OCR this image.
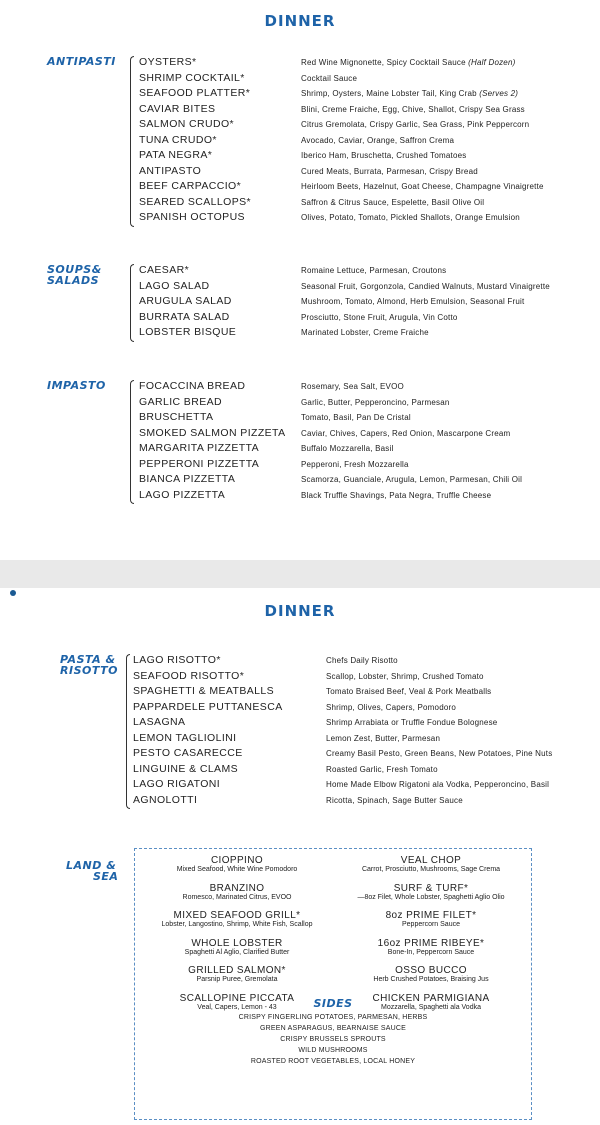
DINNER
ANTIPASTI OYSTERS*	Red Wine Mignonette, Spicy Cocktail Sauce (Half Dozen)
SHRIMP COCKTAIL*	Cocktail Sauce
SEAFOOD PLATTER*	Shrimp, Oysters, Maine Lobster Tail, King Crab (Serves 2)
CAVIAR BITES	Blini, Creme Fraiche, Egg, Chive, Shallot, Crispy Sea Grass
SALMON CRUDO*	Citrus Gremolata, Crispy Garlic, Sea Grass, Pink Peppercorn
TUNA CRUDO*	Avocado, Caviar, Orange, Saffron Crema
PATA NEGRA*	Iberico Ham, Bruschetta, Crushed Tomatoes
ANTIPASTO	Cured Meats, Burrata, Parmesan, Crispy Bread
BEEF CARPACCIO*	Heirloom Beets, Hazelnut, Goat Cheese, Champagne Vinaigrette
SEARED SCALLOPS*	Saffron & Citrus Sauce, Espelette, Basil Olive Oil
SPANISH OCTOPUS	Olives, Potato, Tomato, Pickled Shallots, Orange Emulsion
SOUPS&
SALADS
CAESAR*	Romaine Lettuce, Parmesan, Croutons
LAGO SALAD	Seasonal Fruit, Gorgonzola, Candied Walnuts, Mustard Vinaigrette
ARUGULA SALAD	Mushroom, Tomato, Almond, Herb Emulsion, Seasonal Fruit
BURRATA SALAD	Prosciutto, Stone Fruit, Arugula, Vin Cotto
LOBSTER BISQUE	Marinated Lobster, Creme Fraiche
IMPASTO	FOCACCINA BREAD	Rosemary, Sea Salt, EVOO
GARLIC BREAD	Garlic, Butter, Pepperoncino, Parmesan
BRUSCHETTA	Tomato, Basil, Pan De Cristal
SMOKED SALMON PIZZETA Caviar, Chives, Capers, Red Onion, Mascarpone Cream
MARGARITA PIZZETTA	Buffalo Mozzarella, Basil
PEPPERONI PIZZETTA	Pepperoni, Fresh Mozzarella
BIANCA PIZZETTA	Scamorza, Guanciale, Arugula, Lemon, Parmesan, Chili Oil
LAGO PIZZETTA	Black Truffle Shavings, Pata Negra, Truffle Cheese
DINNER
PASTA &
RISOTTO
LAGO RISOTTO*	Chefs Daily Risotto
SEAFOOD RISOTTO*	Scallop, Lobster, Shrimp, Crushed Tomato
SPAGHETTI & MEATBALLS	Tomato Braised Beef, Veal & Pork Meatballs
PAPPARDELE PUTTANESCA	Shrimp, Olives, Capers, Pomodoro
LASAGNA	Shrimp Arrabiata or Truffle Fondue Bolognese
LEMON TAGLIOLINI	Lemon Zest, Butter, Parmesan
PESTO CASARECCE	Creamy Basil Pesto, Green Beans, New Potatoes, Pine Nuts
LINGUINE & CLAMS	Roasted Garlic, Fresh Tomato
LAGO RIGATONI	Home Made Elbow Rigatoni ala Vodka, Pepperoncino, Basil
AGNOLOTTI	Ricotta, Spinach, Sage Butter Sauce
LAND &
SEA
SIDES
CIOPPINO
Mixed Seafood, White Wine Pomodoro
BRANZINO
Romesco, Marinated Citrus, EVOO
MIXED SEAFOOD GRILL*
Lobster, Langostino, Shrimp, White Fish, Scallop
WHOLE LOBSTER
Spaghetti Al Aglio, Clarified Butter
GRILLED SALMON*
Parsnip Puree, Gremolata
SCALLOPINE PICCATA
Veal, Capers, Lemon - 43
VEAL CHOP
Carrot, Prosciutto, Mushrooms, Sage Crema
SURF & TURF*
—8oz Filet, Whole Lobster, Spaghetti Aglio Olio
8oz PRIME FILET*
Peppercorn Sauce
16oz PRIME RIBEYE*
Bone-In, Peppercorn Sauce
OSSO BUCCO
Herb Crushed Potatoes, Braising Jus
CHICKEN PARMIGIANA
Mozzarella, Spaghetti ala Vodka
CRISPY FINGERLING POTATOES, PARMESAN, HERBS
GREEN ASPARAGUS, BEARNAISE SAUCE
CRISPY BRUSSELS SPROUTS
WILD MUSHROOMS
ROASTED ROOT VEGETABLES, LOCAL HONEY
